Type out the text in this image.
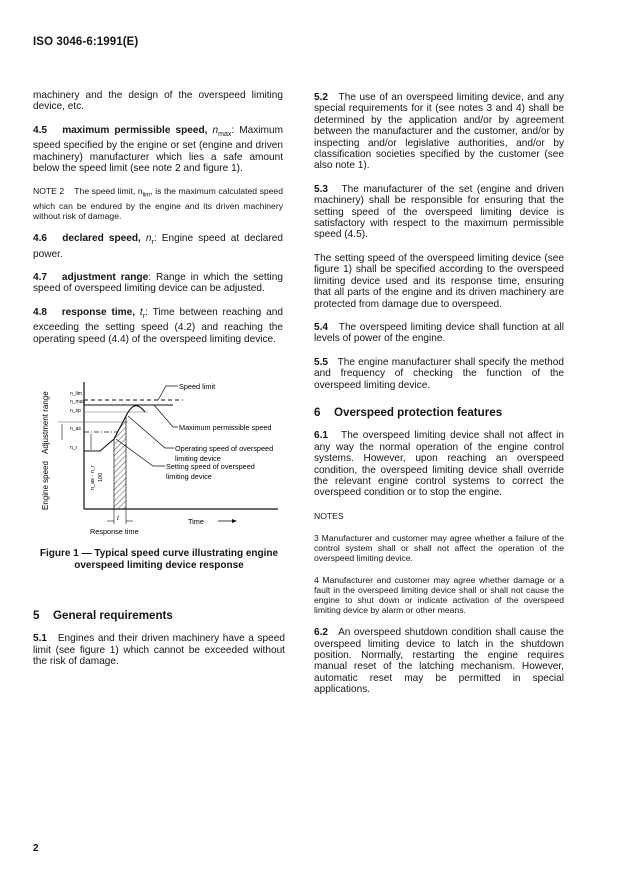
ISO 3046-6:1991(E)

machinery and the design of the overspeed limiting device, etc.

4.5 maximum permissible speed, $n_{max}$: Maximum speed specified by the engine or set (engine and driven machinery) manufacturer which lies a safe amount below the speed limit (see note 2 and figure 1).

NOTE 2 The speed limit, $n_{lim}$, is the maximum calculated speed which can be endured by the engine and its driven machinery without risk of damage.

4.6 declared speed, $n_r$: Engine speed at declared power.

4.7 adjustment range: Range in which the setting speed of overspeed limiting device can be adjusted.

4.8 response time, $t_r$: Time between reaching and exceeding the setting speed (4.2) and reaching the operating speed (4.4) of the overspeed limiting device.

Speed limit
Maximum permissible speed
Operating speed of overspeed
limiting device
Setting speed of overspeed
limiting device
Time
Response time
t
n_lim
n_max
n_sp
n_as
n_r
Engine speed
Adjustment range
n_as - n_r 100
Figure 1 — Typical speed curve illustrating engine
overspeed limiting device response
5 General requirements

5.1 Engines and their driven machinery have a speed limit (see figure 1) which cannot be exceeded without the risk of damage.

5.2 The use of an overspeed limiting device, and any special requirements for it (see notes 3 and 4) shall be determined by the application and/or by agreement between the manufacturer and the customer, and/or by inspecting and/or legislative authorities, and/or by classification societies specified by the customer (see also note 1).

5.3 The manufacturer of the set (engine and driven machinery) shall be responsible for ensuring that the setting speed of the overspeed limiting device is satisfactory with respect to the maximum permissible speed (4.5).

The setting speed of the overspeed limiting device (see figure 1) shall be specified according to the overspeed limiting device used and its response time, ensuring that all parts of the engine and its driven machinery are protected from damage due to overspeed.

5.4 The overspeed limiting device shall function at all levels of power of the engine.

5.5 The engine manufacturer shall specify the method and frequency of checking the function of the overspeed limiting device.

6 Overspeed protection features

6.1 The overspeed limiting device shall not affect in any way the normal operation of the engine control systems. However, upon reaching an overspeed condition, the overspeed limiting device shall override the relevant engine control systems to correct the overspeed condition or to stop the engine.

NOTES

3 Manufacturer and customer may agree whether a failure of the control system shall or shall not affect the operation of the overspeed limiting device.

4 Manufacturer and customer may agree whether damage or a fault in the overspeed limiting device shall or shall not cause the engine to shut down or indicate activation of the overspeed limiting device by alarm or other means.

6.2 An overspeed shutdown condition shall cause the overspeed limiting device to latch in the shutdown position. Normally, restarting the engine requires manual reset of the latching mechanism. However, automatic reset may be permitted in special applications.

2
